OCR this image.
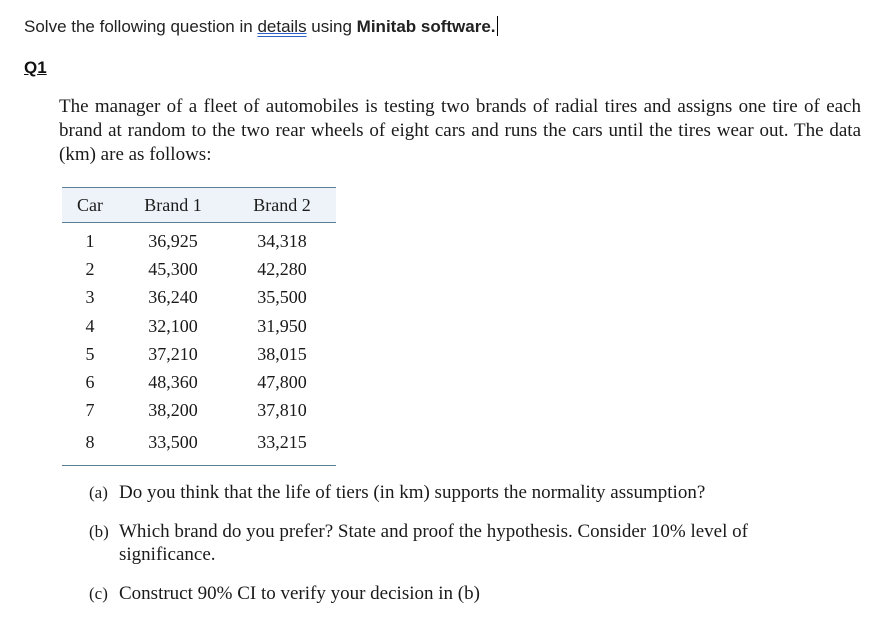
Solve the following question in details using Minitab software.
Q1
The manager of a fleet of automobiles is testing two brands of radial tires and assigns one tire of each brand at random to the two rear wheels of eight cars and runs the cars until the tires wear out. The data (km) are as follows:
Car	Brand 1	Brand 2
1	36,925	34,318
2	45,300	42,280
3	36,240	35,500
4	32,100	31,950
5	37,210	38,015
6	48,360	47,800
7	38,200	37,810
8	33,500	33,215
(a) Do you think that the life of tiers (in km) supports the normality assumption?
(b) Which brand do you prefer? State and proof the hypothesis. Consider 10% level of significance.
(c) Construct 90% CI to verify your decision in (b)
